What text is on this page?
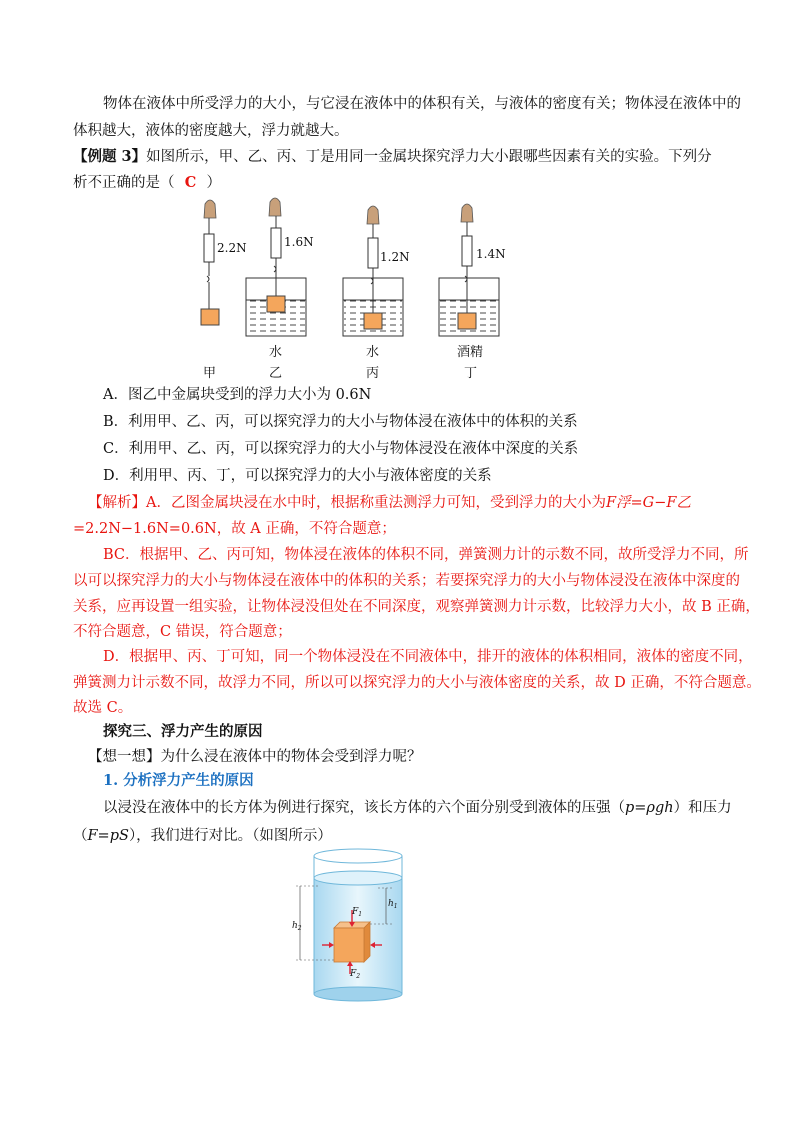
物体在液体中所受浮力的大小，与它浸在液体中的体积有关，与液体的密度有关；物体浸在液体中的
体积越大，液体的密度越大，浮力就越大。
【例题 3】如图所示，甲、乙、丙、丁是用同一金属块探究浮力大小跟哪些因素有关的实验。下列分
析不正确的是（ C ）
2.2N	1.6N
1.2N	1.4N
水	水	酒精
甲	乙	丙	丁
A．图乙中金属块受到的浮力大小为 0.6N
B．利用甲、乙、丙，可以探究浮力的大小与物体浸在液体中的体积的关系
C．利用甲、乙、丙，可以探究浮力的大小与物体浸没在液体中深度的关系
D．利用甲、丙、丁，可以探究浮力的大小与液体密度的关系
【解析】A．乙图金属块浸在水中时，根据称重法测浮力可知，受到浮力的大小为F浮=G−F乙
=2.2N−1.6N=0.6N，故 A 正确，不符合题意；
BC．根据甲、乙、丙可知，物体浸在液体的体积不同，弹簧测力计的示数不同，故所受浮力不同，所
以可以探究浮力的大小与物体浸在液体中的体积的关系；若要探究浮力的大小与物体浸没在液体中深度的
关系，应再设置一组实验，让物体浸没但处在不同深度，观察弹簧测力计示数，比较浮力大小，故 B 正确，
不符合题意，C 错误，符合题意；
D．根据甲、丙、丁可知，同一个物体浸没在不同液体中，排开的液体的体积相同，液体的密度不同，
弹簧测力计示数不同，故浮力不同，所以可以探究浮力的大小与液体密度的关系，故 D 正确，不符合题意。
故选 C。
探究三、浮力产生的原因
【想一想】为什么浸在液体中的物体会受到浮力呢？
1. 分析浮力产生的原因
以浸没在液体中的长方体为例进行探究，该长方体的六个面分别受到液体的压强（p=ρgh）和压力
（F=pS），我们进行对比。（如图所示）
$h_2$
$h_1$
$F_1$
$F_2$
